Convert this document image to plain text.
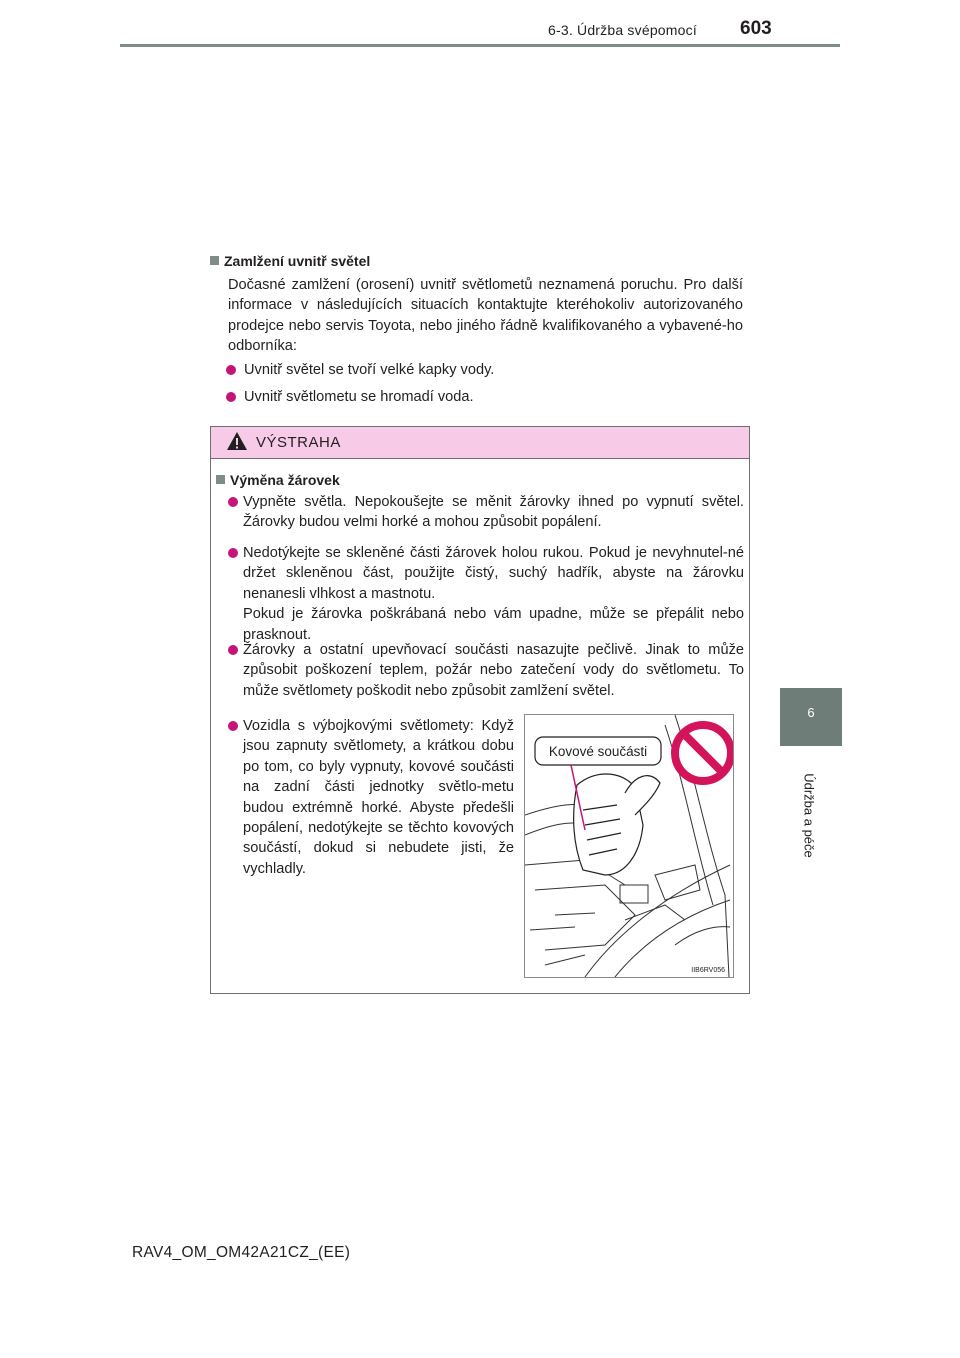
6-3. Údržba svépomocí 603
6
Údržba a péče
Zamlžení uvnitř světel
Dočasné zamlžení (orosení) uvnitř světlometů neznamená poruchu. Pro další informace v následujících situacích kontaktujte kteréhokoliv autorizovaného prodejce nebo servis Toyota, nebo jiného řádně kvalifikovaného a vybavené-ho odborníka:
Uvnitř světel se tvoří velké kapky vody.
Uvnitř světlometu se hromadí voda.
VÝSTRAHA
Výměna žárovek
Vypněte světla. Nepokoušejte se měnit žárovky ihned po vypnutí světel. Žárovky budou velmi horké a mohou způsobit popálení.
Nedotýkejte se skleněné části žárovek holou rukou. Pokud je nevyhnutel-né držet skleněnou část, použijte čistý, suchý hadřík, abyste na žárovku nenanesli vlhkost a mastnotu.
Pokud je žárovka poškrábaná nebo vám upadne, může se přepálit nebo prasknout.
Žárovky a ostatní upevňovací součásti nasazujte pečlivě. Jinak to může způsobit poškození teplem, požár nebo zatečení vody do světlometu. To může světlomety poškodit nebo způsobit zamlžení světel.
Vozidla s výbojkovými světlomety: Když jsou zapnuty světlomety, a krátkou dobu po tom, co byly vypnuty, kovové součásti na zadní části jednotky světlo-metu budou extrémně horké. Abyste předešli popálení, nedotýkejte se těchto kovových součástí, dokud si nebudete jisti, že vychladly.
Kovové součásti
IIB6RV056
RAV4_OM_OM42A21CZ_(EE)
